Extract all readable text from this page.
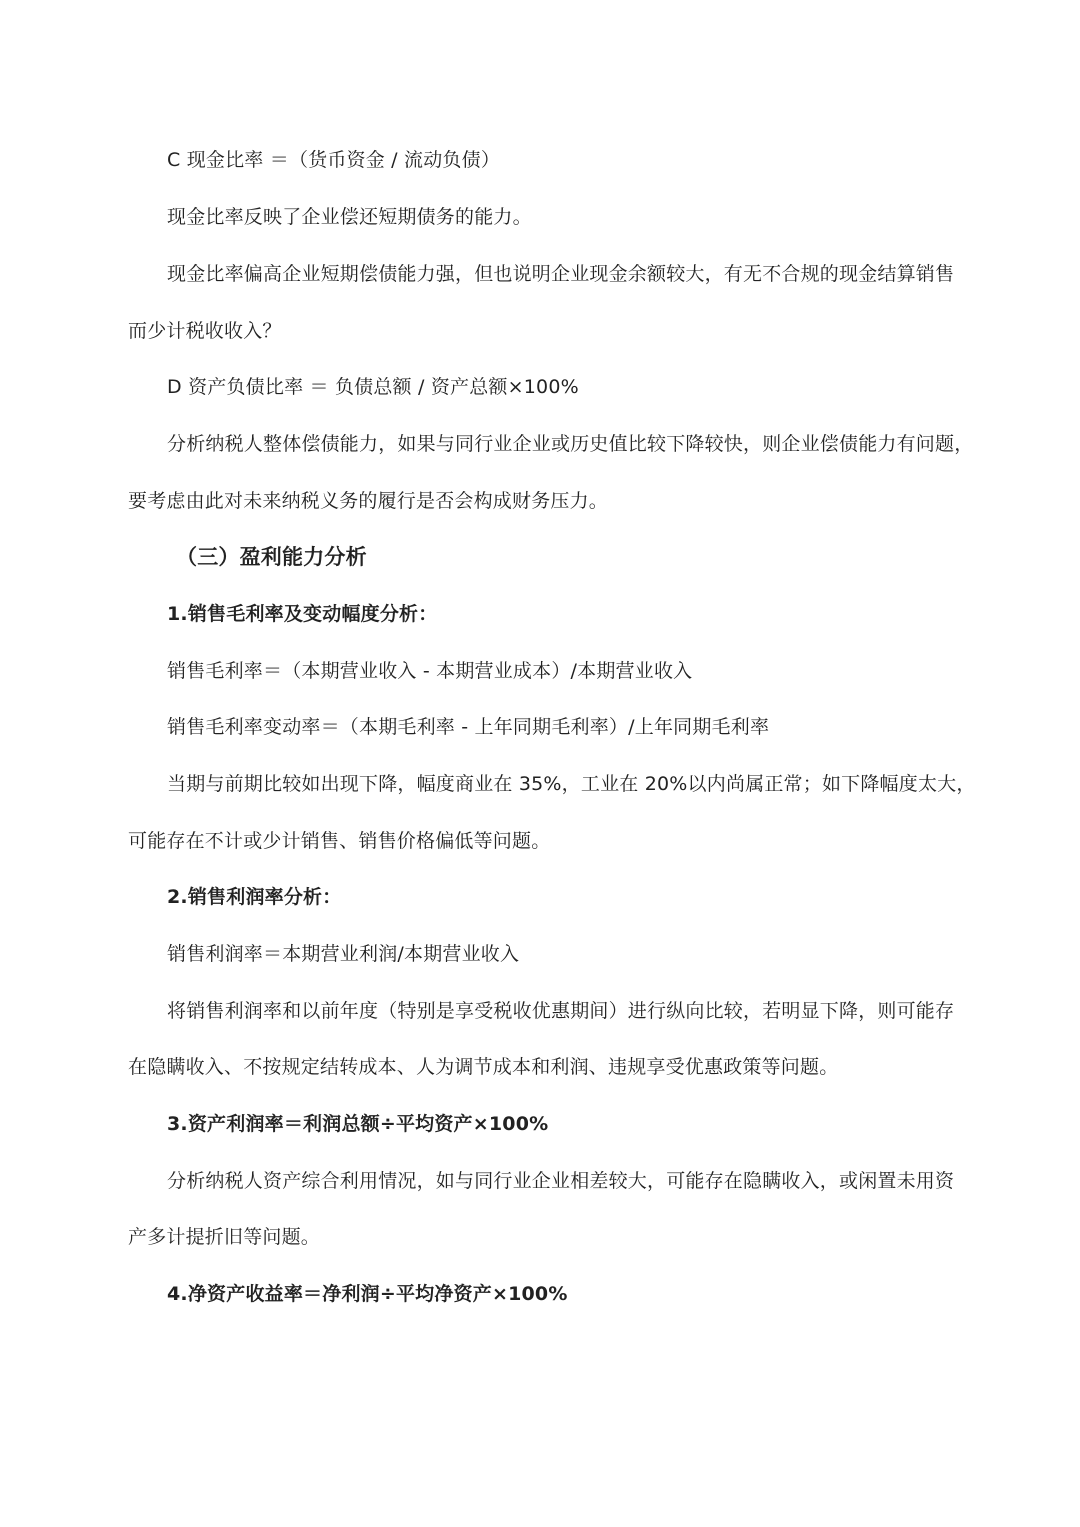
C 现金比率 ＝（货币资金 / 流动负债）
现金比率反映了企业偿还短期债务的能力。
现金比率偏高企业短期偿债能力强，但也说明企业现金余额较大，有无不合规的现金结算销售
而少计税收收入？
D 资产负债比率 ＝ 负债总额 / 资产总额×100%
分析纳税人整体偿债能力，如果与同行业企业或历史值比较下降较快，则企业偿债能力有问题，
要考虑由此对未来纳税义务的履行是否会构成财务压力。
（三）盈利能力分析
1.销售毛利率及变动幅度分析：
销售毛利率＝（本期营业收入 - 本期营业成本）/本期营业收入
销售毛利率变动率＝（本期毛利率 - 上年同期毛利率）/上年同期毛利率
当期与前期比较如出现下降，幅度商业在 35%，工业在 20%以内尚属正常；如下降幅度太大，
可能存在不计或少计销售、销售价格偏低等问题。
2.销售利润率分析：
销售利润率＝本期营业利润/本期营业收入
将销售利润率和以前年度（特别是享受税收优惠期间）进行纵向比较，若明显下降，则可能存
在隐瞒收入、不按规定结转成本、人为调节成本和利润、违规享受优惠政策等问题。
3.资产利润率＝利润总额÷平均资产×100%
分析纳税人资产综合利用情况，如与同行业企业相差较大，可能存在隐瞒收入，或闲置未用资
产多计提折旧等问题。
4.净资产收益率＝净利润÷平均净资产×100%
